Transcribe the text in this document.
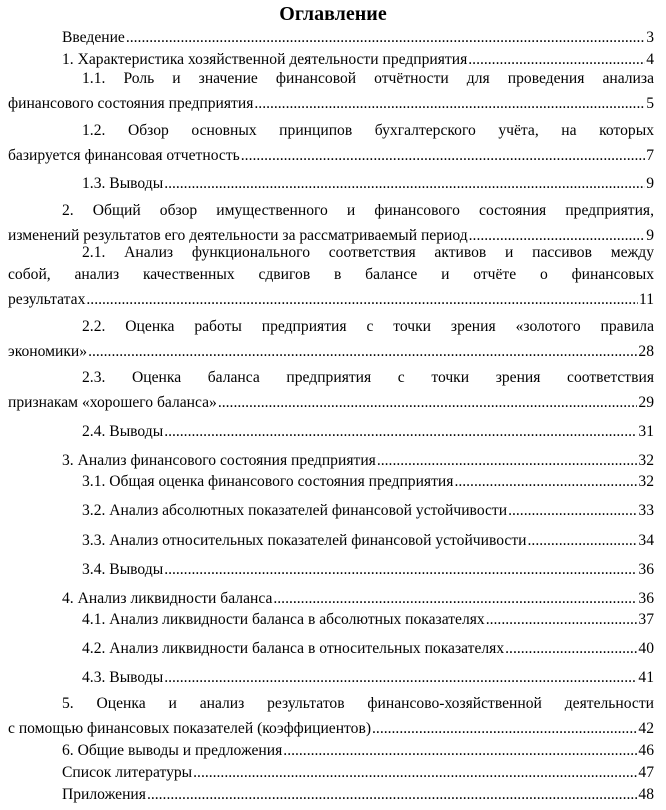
Оглавление
Введение .....	3
1. Характеристика хозяйственной деятельности предприятия .....	4
1.1. Роль и значение финансовой отчётности для проведения анализа
финансового состояния предприятия .....	5
1.2. Обзор основных принципов бухгалтерского учёта, на которых
базируется финансовая отчетность .....	7
1.3. Выводы .....	9
2. Общий обзор имущественного и финансового состояния предприятия,
изменений результатов его деятельности за рассматриваемый период .....	9
2.1. Анализ функционального соответствия активов и пассивов между
собой, анализ качественных сдвигов в балансе и отчёте о финансовых
результатах .....	11
2.2. Оценка работы предприятия с точки зрения «золотого правила
экономики» .....	28
2.3. Оценка баланса предприятия с точки зрения соответствия
признакам «хорошего баланса» .....	29
2.4. Выводы .....	31
3. Анализ финансового состояния предприятия .....	32
3.1. Общая оценка финансового состояния предприятия .....	32
3.2. Анализ абсолютных показателей финансовой устойчивости .....	33
3.3. Анализ относительных показателей финансовой устойчивости .....	34
3.4. Выводы .....	36
4. Анализ ликвидности баланса .....	36
4.1. Анализ ликвидности баланса в абсолютных показателях .....	37
4.2. Анализ ликвидности баланса в относительных показателях .....	40
4.3. Выводы .....	41
5. Оценка и анализ результатов финансово-хозяйственной деятельности
с помощью финансовых показателей (коэффициентов) .....	42
6. Общие выводы и предложения .....	46
Список литературы .....	47
Приложения .....	48
